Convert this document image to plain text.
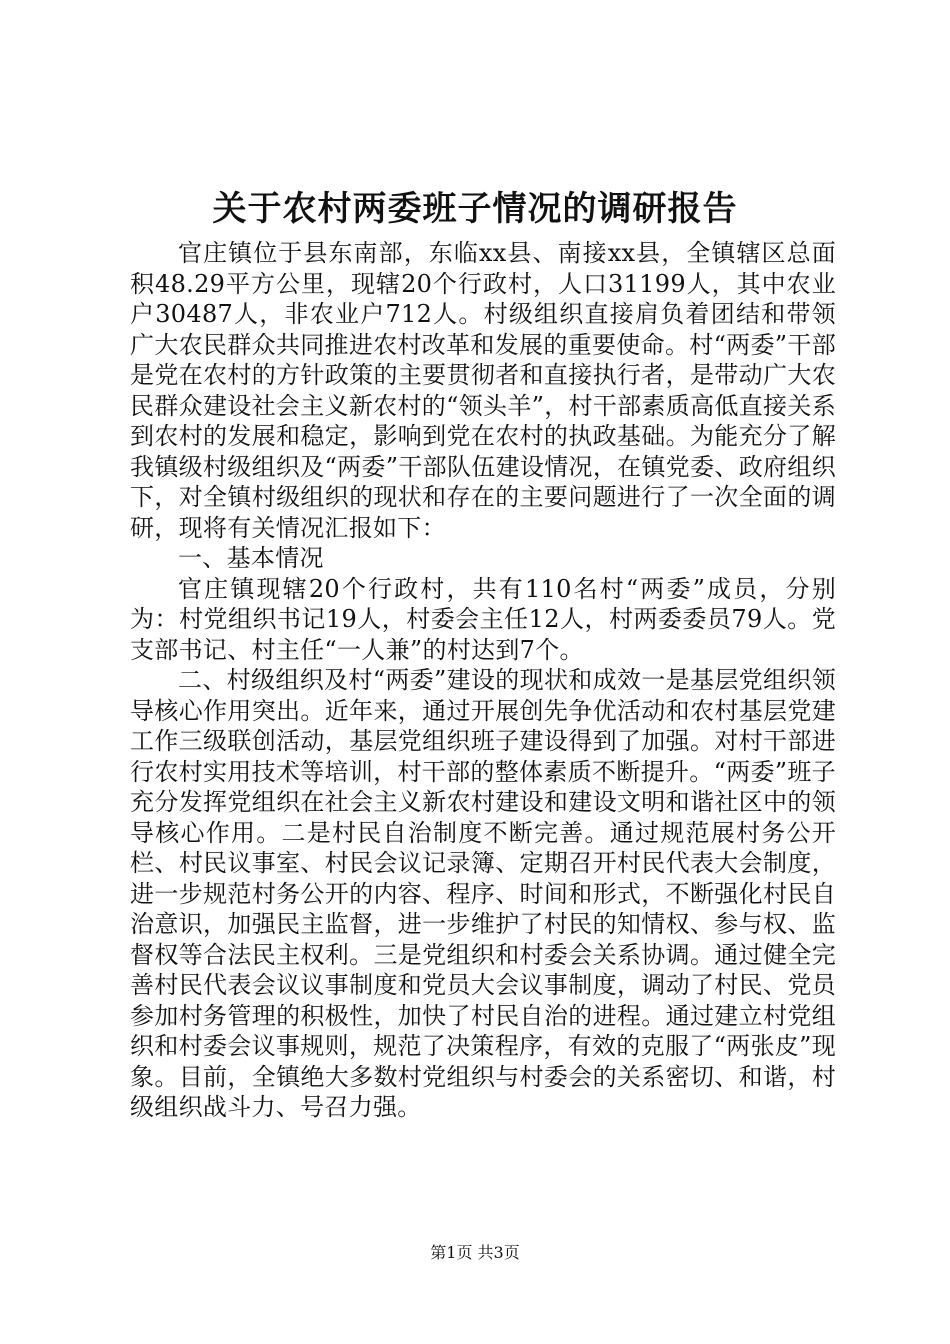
关于农村两委班子情况的调研报告

官庄镇位于县东南部，东临xx县、南接xx县，全镇辖区总面积48.29平方公里，现辖20个行政村，人口31199人，其中农业户30487人，非农业户712人。村级组织直接肩负着团结和带领广大农民群众共同推进农村改革和发展的重要使命。村“两委”干部是党在农村的方针政策的主要贯彻者和直接执行者，是带动广大农民群众建设社会主义新农村的“领头羊”，村干部素质高低直接关系到农村的发展和稳定，影响到党在农村的执政基础。为能充分了解我镇级村级组织及“两委”干部队伍建设情况，在镇党委、政府组织下，对全镇村级组织的现状和存在的主要问题进行了一次全面的调研，现将有关情况汇报如下：

一、基本情况

官庄镇现辖20个行政村，共有110名村“两委”成员，分别为：村党组织书记19人，村委会主任12人，村两委委员79人。党支部书记、村主任“一人兼”的村达到7个。

二、村级组织及村“两委”建设的现状和成效一是基层党组织领导核心作用突出。近年来，通过开展创先争优活动和农村基层党建工作三级联创活动，基层党组织班子建设得到了加强。对村干部进行农村实用技术等培训，村干部的整体素质不断提升。“两委”班子充分发挥党组织在社会主义新农村建设和建设文明和谐社区中的领导核心作用。二是村民自治制度不断完善。通过规范展村务公开栏、村民议事室、村民会议记录簿、定期召开村民代表大会制度，进一步规范村务公开的内容、程序、时间和形式，不断强化村民自治意识，加强民主监督，进一步维护了村民的知情权、参与权、监督权等合法民主权利。三是党组织和村委会关系协调。通过健全完善村民代表会议议事制度和党员大会议事制度，调动了村民、党员参加村务管理的积极性，加快了村民自治的进程。通过建立村党组织和村委会议事规则，规范了决策程序，有效的克服了“两张皮”现象。目前，全镇绝大多数村党组织与村委会的关系密切、和谐，村级组织战斗力、号召力强。

第1页 共3页
